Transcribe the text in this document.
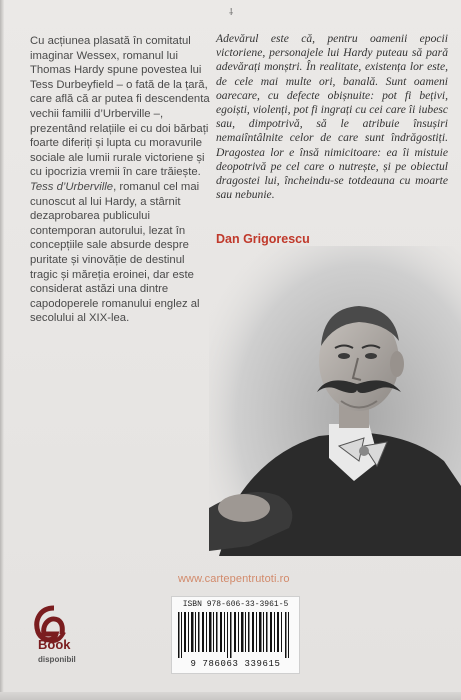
⸸

Cu acțiunea plasată în comitatul imaginar Wessex, romanul lui Thomas Hardy spune povestea lui Tess Durbeyfield – o fată de la țară, care află că ar putea fi descendenta vechii familii d’Urberville –, prezentând relațiile ei cu doi bărbați foarte diferiți și lupta cu moravurile sociale ale lumii rurale victoriene și cu ipocrizia vremii în care trăiește.

Tess d’Urberville, romanul cel mai cunoscut al lui Hardy, a stârnit dezaprobarea publicului contemporan autorului, lezat în concepțiile sale absurde despre puritate și vinovăție de destinul tragic și măreția eroinei, dar este considerat astăzi una dintre capodoperele romanului englez al secolului al XIX-lea.

Adevărul este că, pentru oamenii epocii victoriene, personajele lui Hardy puteau să pară adevărați monștri. În realitate, existența lor este, de cele mai multe ori, banală. Sunt oameni oarecare, cu defecte obișnuite: pot fi bețivi, egoiști, violenți, pot fi ingrați cu cei care îi iubesc sau, dimpotrivă, să le atribuie însușiri nemaiîntâlnite celor de care sunt îndrăgostiți. Dragostea lor e însă nimicitoare: ea îi mistuie deopotrivă pe cel care o nutrește, și pe obiectul dragostei lui, încheindu-se totdeauna cu moarte sau nebunie.
Dan Grigorescu
www.cartepentrutoti.ro
Book
disponibil
ISBN 978-606-33-3961-5
9 786063 339615
